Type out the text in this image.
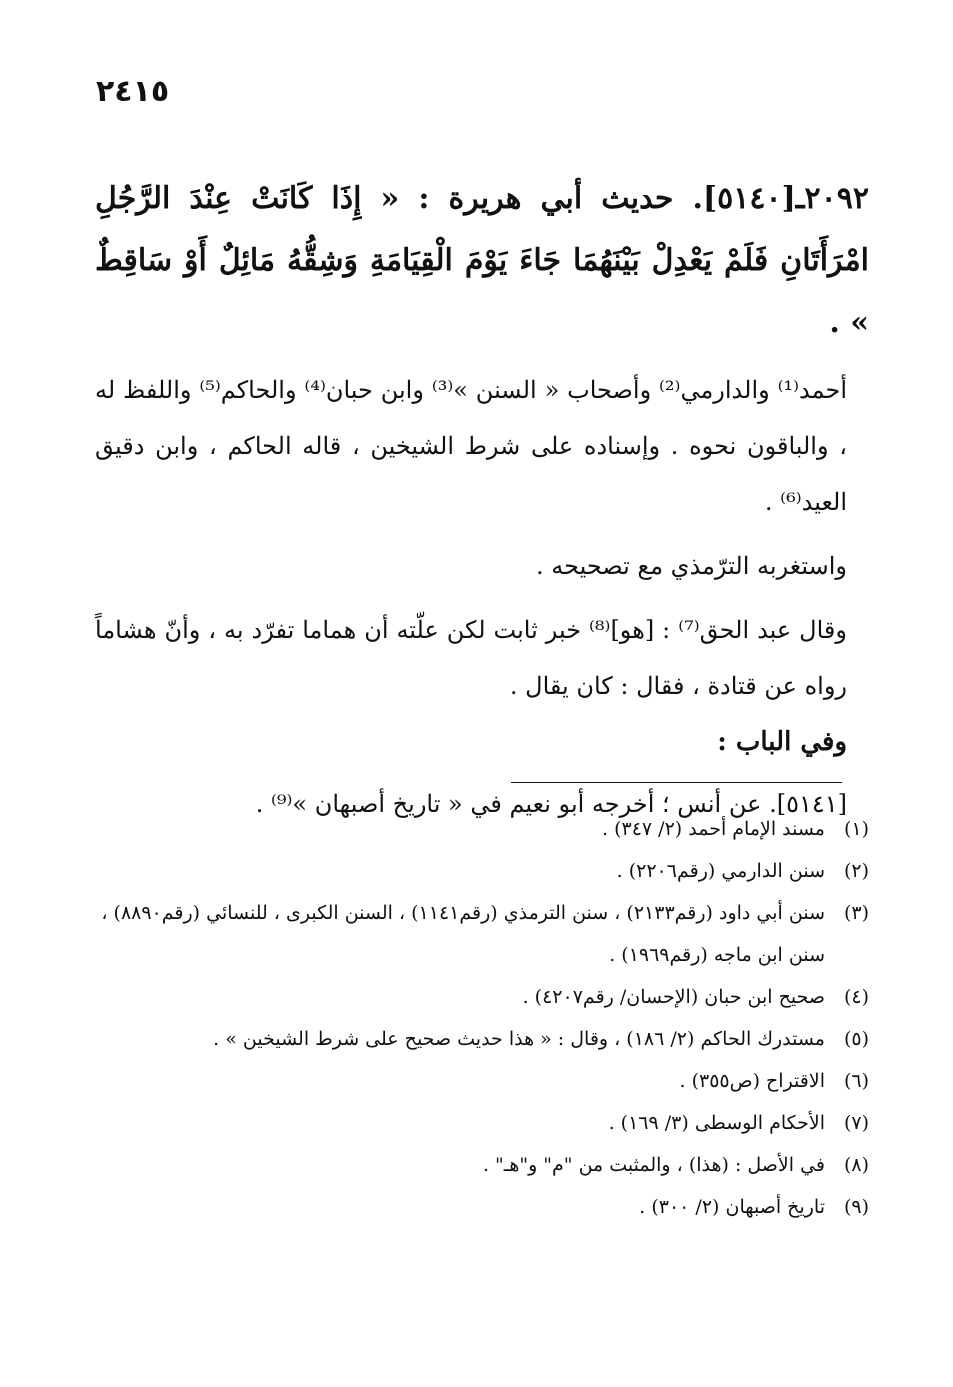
٢٤١٥

٢٠٩٢ـ[٥١٤٠]. حديث أبي هريرة : « إِذَا كَانَتْ عِنْدَ الرَّجُلِ امْرَأَتَانِ فَلَمْ يَعْدِلْ بَيْنَهُمَا جَاءَ يَوْمَ الْقِيَامَةِ وَشِقُّهُ مَائِلٌ أَوْ سَاقِطٌ » .

أحمد⁽¹⁾ والدارمي⁽²⁾ وأصحاب « السنن »⁽³⁾ وابن حبان⁽⁴⁾ والحاكم⁽⁵⁾ واللفظ له ، والباقون نحوه . وإسناده على شرط الشيخين ، قاله الحاكم ، وابن دقيق العيد⁽⁶⁾ .

واستغربه الترّمذي مع تصحيحه .

وقال عبد الحق⁽⁷⁾ : [هو]⁽⁸⁾ خبر ثابت لكن علّته أن هماما تفرّد به ، وأنّ هشاماً رواه عن قتادة ، فقال : كان يقال .

وفي الباب :

[٥١٤١]. عن أنس ؛ أخرجه أبو نعيم في « تاريخ أصبهان »⁽⁹⁾ .

(١)
مسند الإمام أحمد (٢/ ٣٤٧) .
(٢)
سنن الدارمي (رقم٢٢٠٦) .
(٣)
سنن أبي داود (رقم٢١٣٣) ، سنن الترمذي (رقم١١٤١) ، السنن الكبرى ، للنسائي (رقم٨٨٩٠) ، سنن ابن ماجه (رقم١٩٦٩) .
(٤)
صحيح ابن حبان (الإحسان/ رقم٤٢٠٧) .
(٥)
مستدرك الحاكم (٢/ ١٨٦) ، وقال : « هذا حديث صحيح على شرط الشيخين » .
(٦)
الاقتراح (ص٣٥٥) .
(٧)
الأحكام الوسطى (٣/ ١٦٩) .
(٨)
في الأصل : (هذا) ، والمثبت من "م" و"هـ" .
(٩)
تاريخ أصبهان (٢/ ٣٠٠) .
